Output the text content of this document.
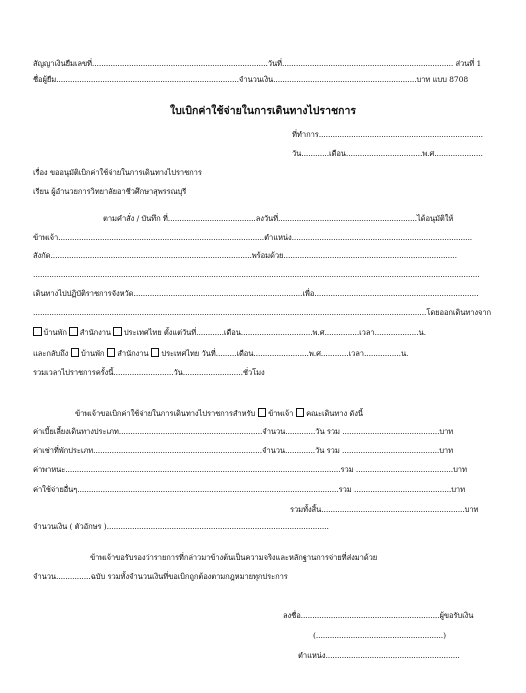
สัญญาเงินยืมเลขที่............................................................................วันที่.......................................................................... ส่วนที่ 1
ชื่อผู้ยืม...............................................................................จำนวนเงิน..............................................................บาท แบบ 8708
ใบเบิกค่าใช้จ่ายในการเดินทางไปราชการ
ที่ทำการ.......................................................................
วัน............เดือน.................................พ.ศ.....................
เรื่อง ขออนุมัติเบิกค่าใช้จ่ายในการเดินทางไปราชการ
เรียน ผู้อำนวยการวิทยาลัยอาชีวศึกษาสุพรรณบุรี
ตามคำสั่ง / บันทึก ที่......................................ลงวันที่............................................................ได้อนุมัติให้
ข้าพเจ้า.........................................................................................ตำแหน่ง..............................................................................
สังกัด.......................................................................................พร้อมด้วย...........................................................................
.................................................................................................................................................................................................
เดินทางไปปฏิบัติราชการจังหวัด.........................................................................เพื่อ.......................................................................
..........................................................................................................................................................................โดยออกเดินทางจาก
บ้านพัก สำนักงาน ประเทศไทย ตั้งแต่วันที่............เดือน...............................พ.ศ...............เวลา...................น.
และกลับถึง บ้านพัก สำนักงาน ประเทศไทย วันที่.........เดือน........................พ.ศ............เวลา................น.
รวมเวลาไปราชการครั้งนี้..........................วัน..........................ชั่วโมง
ข้าพเจ้าขอเบิกค่าใช้จ่ายในการเดินทางไปราชการสำหรับ ข้าพเจ้า คณะเดินทาง ดังนี้
ค่าเบี้ยเลี้ยงเดินทางประเภท..............................................................จำนวน.............วัน รวม ..........................................บาท
ค่าเช่าที่พักประเภท.........................................................................จำนวน.............วัน รวม ..........................................บาท
ค่าพาหนะ.......................................................................................................................รวม ..........................................บาท
ค่าใช้จ่ายอื่นๆ.................................................................................................................รวม ..........................................บาท
รวมทั้งสิ้น..............................................................บาท
จำนวนเงิน ( ตัวอักษร )................................................................................................
ข้าพเจ้าขอรับรองว่ารายการที่กล่าวมาข้างต้นเป็นความจริงและหลักฐานการจ่ายที่ส่งมาด้วย
จำนวน...............ฉบับ รวมทั้งจำนวนเงินที่ขอเบิกถูกต้องตามกฎหมายทุกประการ
ลงชื่อ............................................................ผู้ขอรับเงิน
(.......................................................)
ตำแหน่ง..........................................................
